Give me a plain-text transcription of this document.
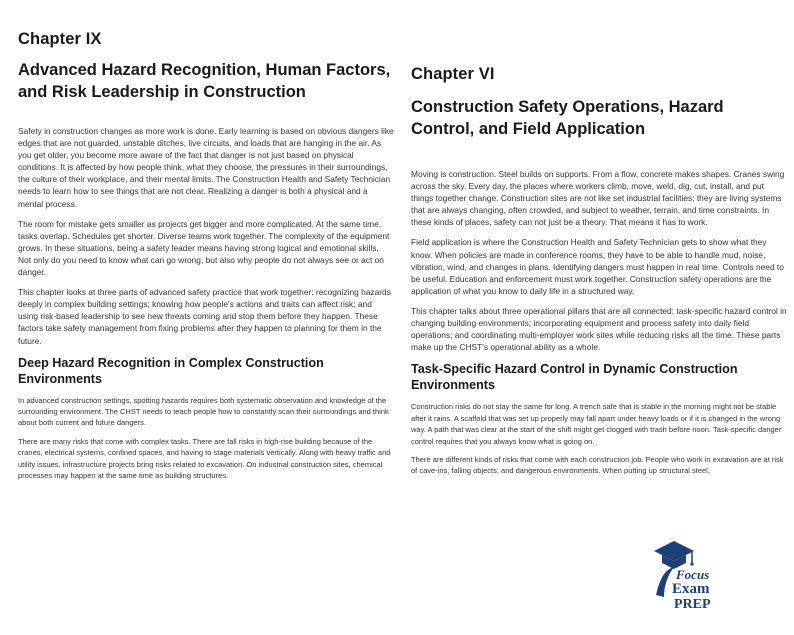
Chapter IX
Advanced Hazard Recognition, Human Factors, and Risk Leadership in Construction

Safety in construction changes as more work is done. Early learning is based on obvious dangers like edges that are not guarded, unstable ditches, live circuits, and loads that are hanging in the air. As you get older, you become more aware of the fact that danger is not just based on physical conditions. It is affected by how people think, what they choose, the pressures in their surroundings, the culture of their workplace, and their mental limits. The Construction Health and Safety Technician needs to learn how to see things that are not clear. Realizing a danger is both a physical and a mental process.

The room for mistake gets smaller as projects get bigger and more complicated. At the same time, tasks overlap. Schedules get shorter. Diverse teams work together. The complexity of the equipment grows. In these situations, being a safety leader means having strong logical and emotional skills. Not only do you need to know what can go wrong, but also why people do not always see or act on danger.

This chapter looks at three parts of advanced safety practice that work together: recognizing hazards deeply in complex building settings; knowing how people's actions and traits can affect risk; and using risk-based leadership to see new threats coming and stop them before they happen. These factors take safety management from fixing problems after they happen to planning for them in the future.

Deep Hazard Recognition in Complex Construction Environments

In advanced construction settings, spotting hazards requires both systematic observation and knowledge of the surrounding environment. The CHST needs to teach people how to constantly scan their surroundings and think about both current and future dangers.

There are many risks that come with complex tasks. There are fall risks in high-rise building because of the cranes, electrical systems, confined spaces, and having to stage materials vertically. Along with heavy traffic and utility issues, infrastructure projects bring risks related to excavation. On industrial construction sites, chemical processes may happen at the same time as building structures.

Chapter VI
Construction Safety Operations, Hazard Control, and Field Application

Moving is construction. Steel builds on supports. From a flow, concrete makes shapes. Cranes swing across the sky. Every day, the places where workers climb, move, weld, dig, cut, install, and put things together change. Construction sites are not like set industrial facilities; they are living systems that are always changing, often crowded, and subject to weather, terrain, and time constraints. In these kinds of places, safety can not just be a theory. That means it has to work.

Field application is where the Construction Health and Safety Technician gets to show what they know. When policies are made in conference rooms, they have to be able to handle mud, noise, vibration, wind, and changes in plans. Identifying dangers must happen in real time. Controls need to be useful. Education and enforcement must work together. Construction safety operations are the application of what you know to daily life in a structured way.

This chapter talks about three operational pillars that are all connected: task-specific hazard control in changing building environments; incorporating equipment and process safety into daily field operations; and coordinating multi-employer work sites while reducing risks all the time. These parts make up the CHST's operational ability as a whole.

Task-Specific Hazard Control in Dynamic Construction Environments

Construction risks do not stay the same for long. A trench safe that is stable in the morning might not be stable after it rains. A scaffold that was set up properly may fall apart under heavy loads or if it is changed in the wrong way. A path that was clear at the start of the shift might get clogged with trash before noon. Task-specific danger control requires that you always know what is going on.

There are different kinds of risks that come with each construction job. People who work in excavation are at risk of cave-ins, falling objects, and dangerous environments. When putting up structural steel,

Focus
Exam
PREP
